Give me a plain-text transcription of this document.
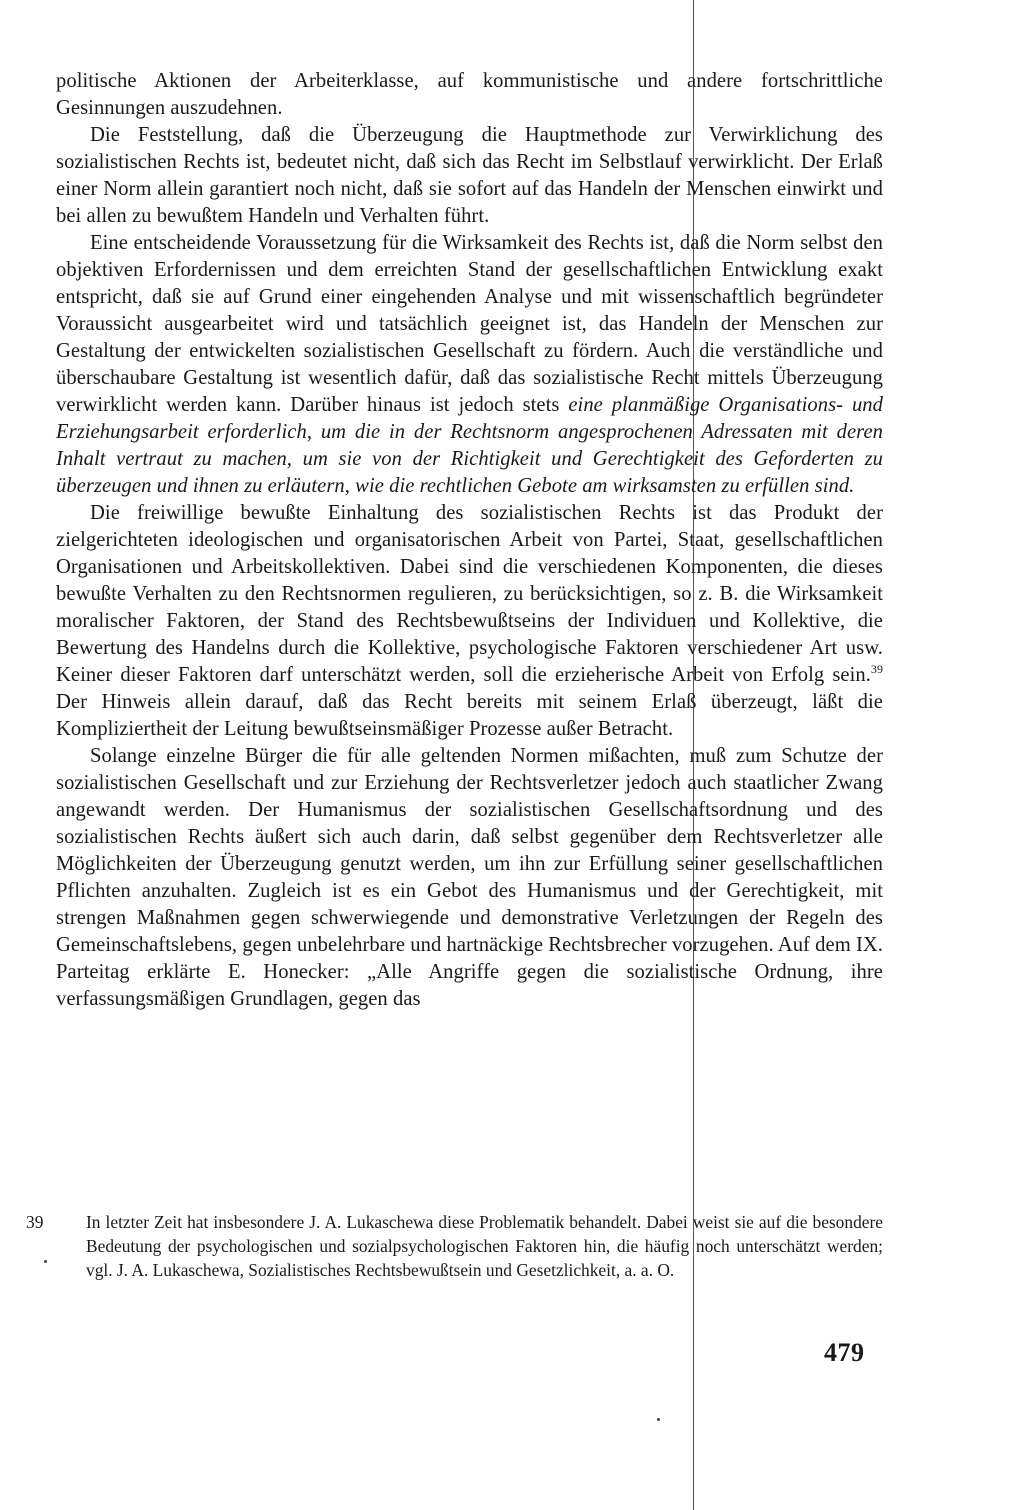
politische Aktionen der Arbeiterklasse, auf kommunistische und andere fortschrittliche Gesinnungen auszudehnen.

Die Feststellung, daß die Überzeugung die Hauptmethode zur Verwirklichung des sozialistischen Rechts ist, bedeutet nicht, daß sich das Recht im Selbstlauf verwirklicht. Der Erlaß einer Norm allein garantiert noch nicht, daß sie sofort auf das Handeln der Menschen einwirkt und bei allen zu bewußtem Handeln und Verhalten führt.

Eine entscheidende Voraussetzung für die Wirksamkeit des Rechts ist, daß die Norm selbst den objektiven Erfordernissen und dem erreichten Stand der gesellschaftlichen Entwicklung exakt entspricht, daß sie auf Grund einer eingehenden Analyse und mit wissenschaftlich begründeter Voraussicht ausgearbeitet wird und tatsächlich geeignet ist, das Handeln der Menschen zur Gestaltung der entwickelten sozialistischen Gesellschaft zu fördern. Auch die verständliche und überschaubare Gestaltung ist wesentlich dafür, daß das sozialistische Recht mittels Überzeugung verwirklicht werden kann. Darüber hinaus ist jedoch stets eine planmäßige Organisations- und Erziehungsarbeit erforderlich, um die in der Rechtsnorm angesprochenen Adressaten mit deren Inhalt vertraut zu machen, um sie von der Richtigkeit und Gerechtigkeit des Geforderten zu überzeugen und ihnen zu erläutern, wie die rechtlichen Gebote am wirksamsten zu erfüllen sind.

Die freiwillige bewußte Einhaltung des sozialistischen Rechts ist das Produkt der zielgerichteten ideologischen und organisatorischen Arbeit von Partei, Staat, gesellschaftlichen Organisationen und Arbeitskollektiven. Dabei sind die verschiedenen Komponenten, die dieses bewußte Verhalten zu den Rechtsnormen regulieren, zu berücksichtigen, so z. B. die Wirksamkeit moralischer Faktoren, der Stand des Rechtsbewußtseins der Individuen und Kollektive, die Bewertung des Handelns durch die Kollektive, psychologische Faktoren verschiedener Art usw. Keiner dieser Faktoren darf unterschätzt werden, soll die erzieherische Arbeit von Erfolg sein.$^{39}$ Der Hinweis allein darauf, daß das Recht bereits mit seinem Erlaß überzeugt, läßt die Kompliziertheit der Leitung bewußtseinsmäßiger Prozesse außer Betracht.

Solange einzelne Bürger die für alle geltenden Normen mißachten, muß zum Schutze der sozialistischen Gesellschaft und zur Erziehung der Rechtsverletzer jedoch auch staatlicher Zwang angewandt werden. Der Humanismus der sozialistischen Gesellschaftsordnung und des sozialistischen Rechts äußert sich auch darin, daß selbst gegenüber dem Rechtsverletzer alle Möglichkeiten der Überzeugung genutzt werden, um ihn zur Erfüllung seiner gesellschaftlichen Pflichten anzuhalten. Zugleich ist es ein Gebot des Humanismus und der Gerechtigkeit, mit strengen Maßnahmen gegen schwerwiegende und demonstrative Verletzungen der Regeln des Gemeinschaftslebens, gegen unbelehrbare und hartnäckige Rechtsbrecher vorzugehen. Auf dem IX. Parteitag erklärte E. Honecker: „Alle Angriffe gegen die sozialistische Ordnung, ihre verfassungsmäßigen Grundlagen, gegen das

39 In letzter Zeit hat insbesondere J. A. Lukaschewa diese Problematik behandelt. Dabei weist sie auf die besondere Bedeutung der psychologischen und sozialpsychologischen Faktoren hin, die häufig noch unterschätzt werden; vgl. J. A. Lukaschewa, Sozialistisches Rechtsbewußtsein und Gesetzlichkeit, a. a. O.

479
